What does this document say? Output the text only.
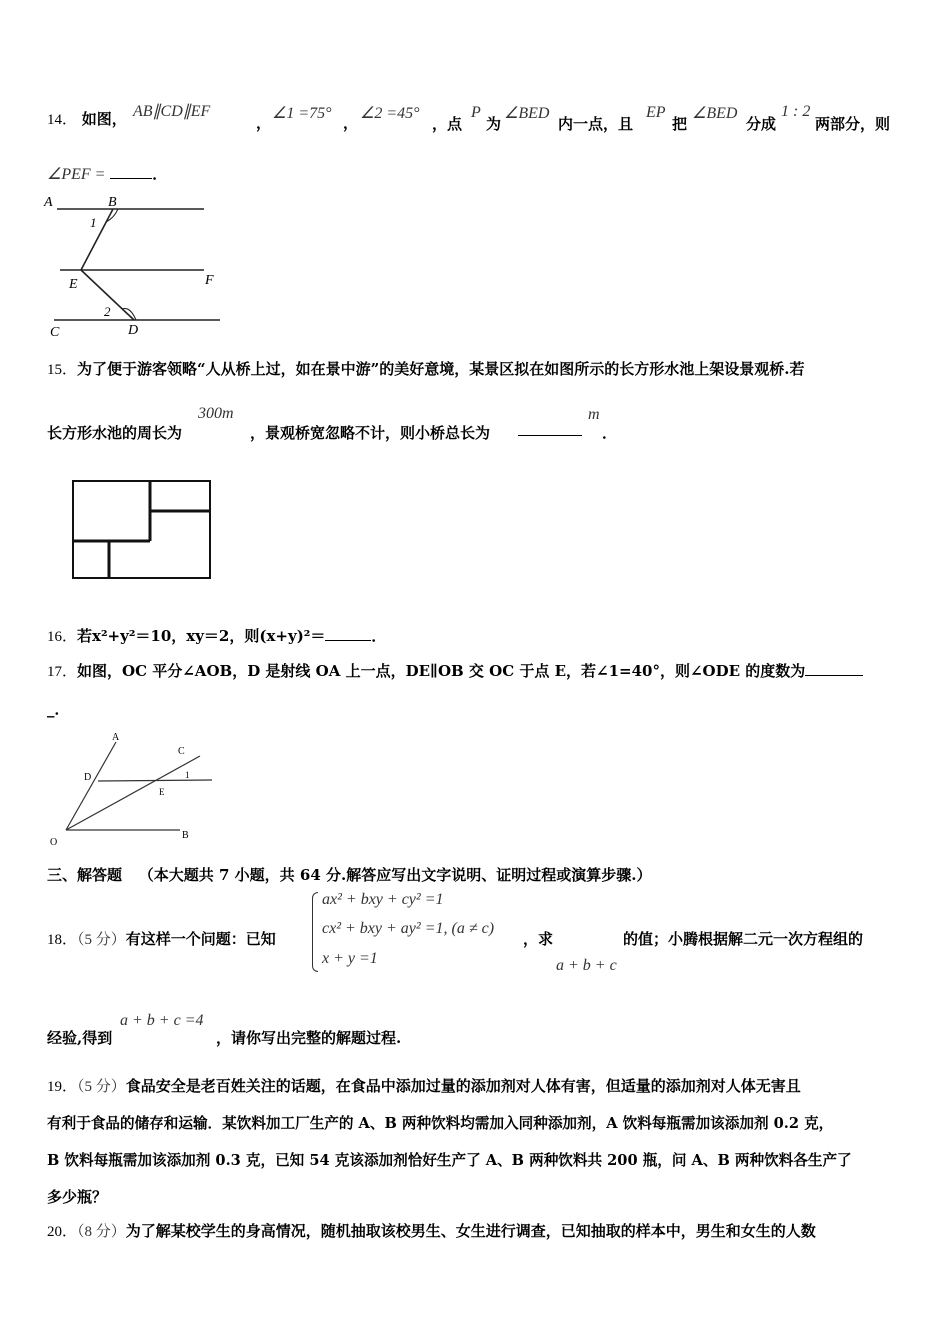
14． 如图， AB∥CD∥EF
，
∠1 =75°
，
∠2 =45°
，点
P
为
∠BED
内一点，且
EP
把
∠BED
分成
1 : 2
两部分，则
∠PEF =	．
A	B
1
E	F
2
C	D
15．为了便于游客领略“人从桥上过，如在景中游”的美好意境，某景区拟在如图所示的长方形水池上架设景观桥.若
长方形水池的周长为
300m
，景观桥宽忽略不计，则小桥总长为
m
．
16．若x²+y²＝10，xy＝2，则(x+y)²＝	．
17．如图，OC 平分∠AOB，D 是射线 OA 上一点，DE∥OB 交 OC 于点 E，若∠1=40°，则∠ODE 的度数为
_．
A
C
D	1
E
O
B
三、解答题 （本大题共 7 小题，共 64 分.解答应写出文字说明、证明过程或演算步骤.）
18．（5 分）有这样一个问题：已知
ax² + bxy + cy² =1
cx² + bxy + ay² =1, (a ≠ c)
x + y =1
，求
a + b + c
的值；小腾根据解二元一次方程组的
经验,得到
a + b + c =4
，请你写出完整的解题过程.
19．（5 分）食品安全是老百姓关注的话题，在食品中添加过量的添加剂对人体有害，但适量的添加剂对人体无害且
有利于食品的储存和运输．某饮料加工厂生产的 A、B 两种饮料均需加入同种添加剂，A 饮料每瓶需加该添加剂 0.2 克，
B 饮料每瓶需加该添加剂 0.3 克，已知 54 克该添加剂恰好生产了 A、B 两种饮料共 200 瓶，问 A、B 两种饮料各生产了
多少瓶？
20．（8 分）为了解某校学生的身高情况，随机抽取该校男生、女生进行调查，已知抽取的样本中，男生和女生的人数
